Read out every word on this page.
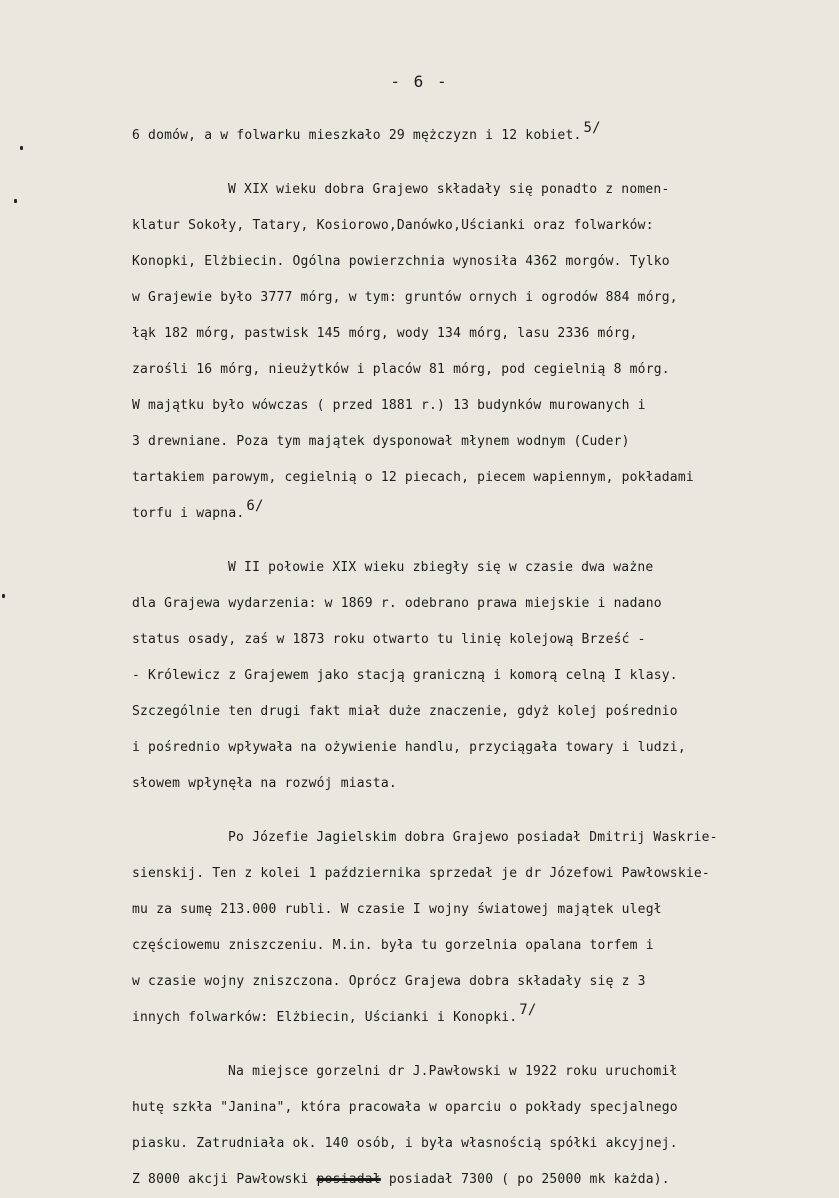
- 6 -

6 domów, a w folwarku mieszkało 29 mężczyzn i 12 kobiet. $^{5/}$

W XIX wieku dobra Grajewo składały się ponadto z nomen-
klatur Sokoły, Tatary, Kosiorowo,Danówko,Uścianki oraz folwarków:
Konopki, Elżbiecin. Ogólna powierzchnia wynosiła 4362 morgów. Tylko
w Grajewie było 3777 mórg, w tym: gruntów ornych i ogrodów 884 mórg,
łąk 182 mórg, pastwisk 145 mórg, wody 134 mórg, lasu 2336 mórg,
zarośli 16 mórg, nieużytków i placów 81 mórg, pod cegielnią 8 mórg.
W majątku było wówczas ( przed 1881 r.) 13 budynków murowanych i
3 drewniane. Poza tym majątek dysponował młynem wodnym (Cuder)
tartakiem parowym, cegielnią o 12 piecach, piecem wapiennym, pokładami
torfu i wapna. $^{6/}$

W II połowie XIX wieku zbiegły się w czasie dwa ważne
dla Grajewa wydarzenia: w 1869 r. odebrano prawa miejskie i nadano
status osady, zaś w 1873 roku otwarto tu linię kolejową Brześć -
- Królewicz z Grajewem jako stacją graniczną i komorą celną I klasy.
Szczególnie ten drugi fakt miał duże znaczenie, gdyż kolej pośrednio
i pośrednio wpływała na ożywienie handlu, przyciągała towary i ludzi,
słowem wpłynęła na rozwój miasta.

Po Józefie Jagielskim dobra Grajewo posiadał Dmitrij Waskrie-
sienskij. Ten z kolei 1 października sprzedał je dr Józefowi Pawłowskie-
mu za sumę 213.000 rubli. W czasie I wojny światowej majątek uległ
częściowemu zniszczeniu. M.in. była tu gorzelnia opalana torfem i
w czasie wojny zniszczona. Oprócz Grajewa dobra składały się z 3
innych folwarków: Elżbiecin, Uścianki i Konopki. $^{7/}$

Na miejsce gorzelni dr J.Pawłowski w 1922 roku uruchomił
hutę szkła "Janina", która pracowała w oparciu o pokłady specjalnego
piasku. Zatrudniała ok. 140 osób, i była własnością spółki akcyjnej.
Z 8000 akcji Pawłowski posiadał posiadał 7300 ( po 25000 mk każda).
